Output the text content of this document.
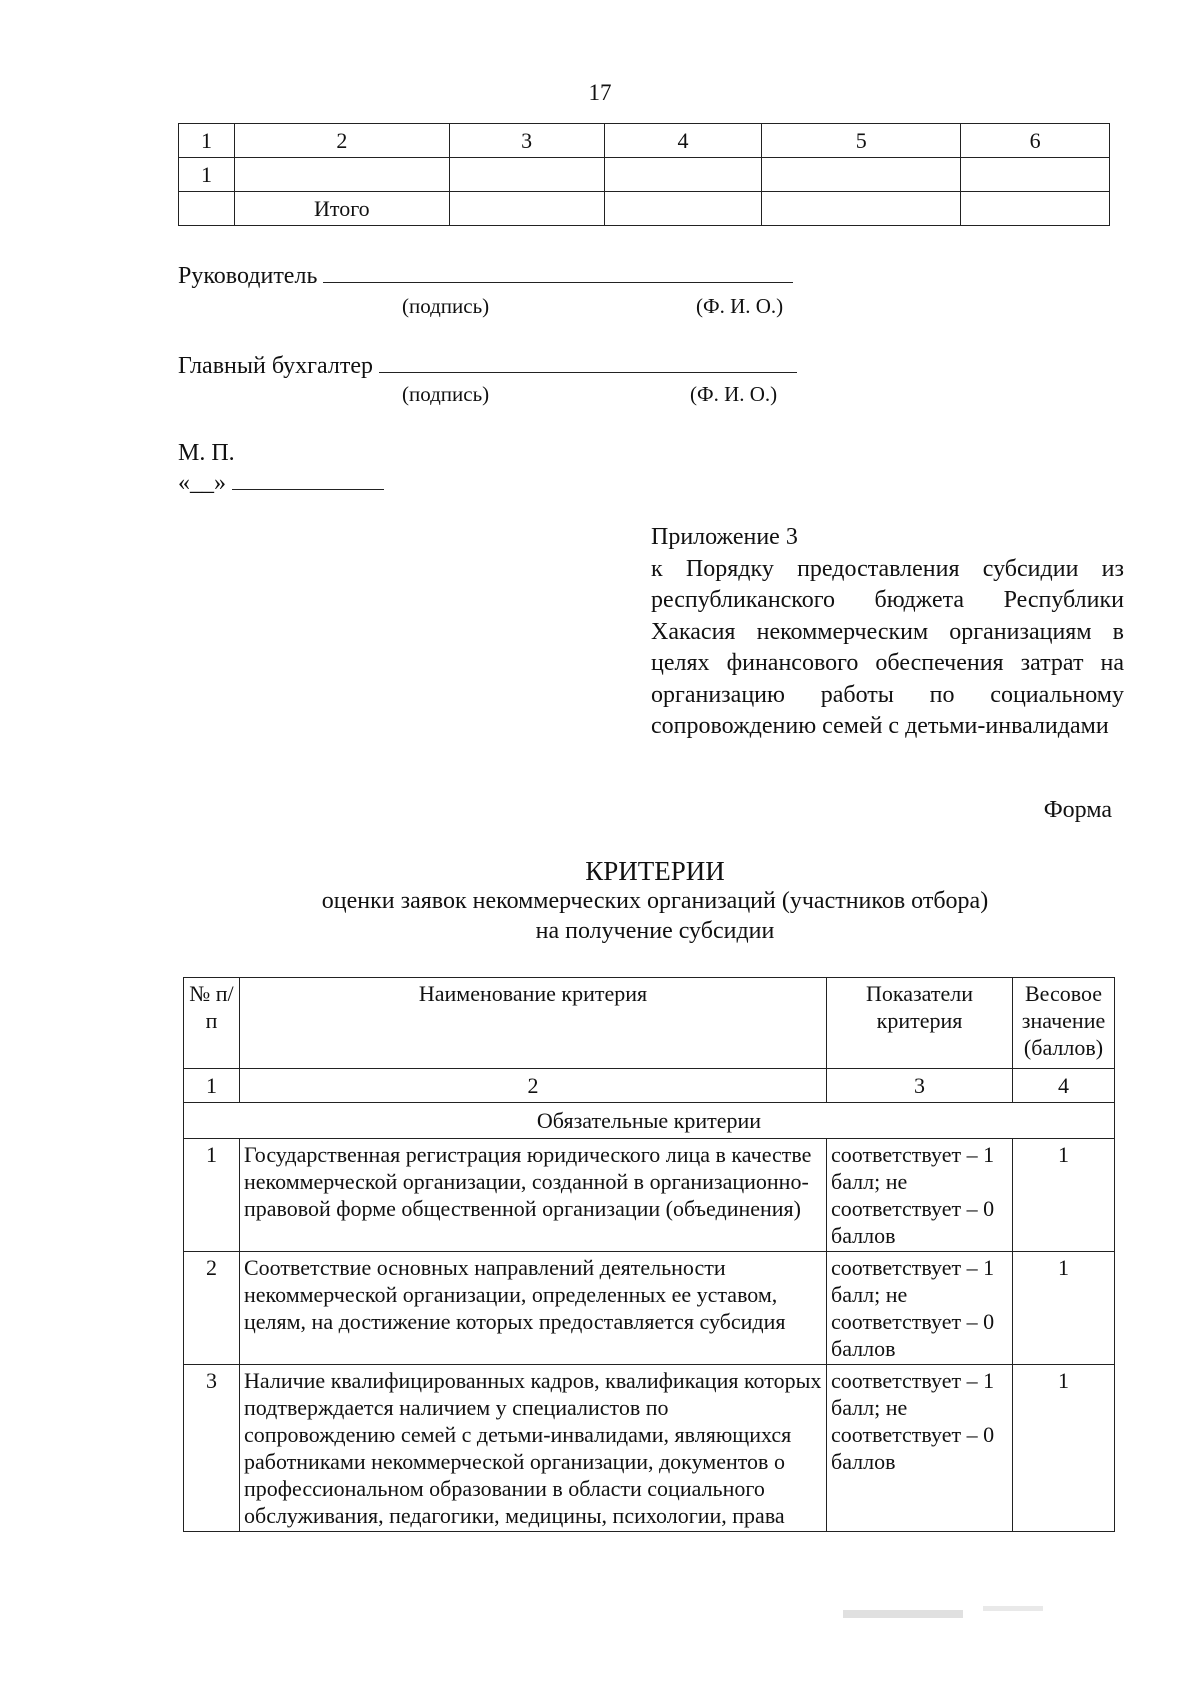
17
1	2	3	4	5	6
1					
	Итого				
Руководитель
(подпись)	(Ф. И. О.)
Главный бухгалтер
(подпись)	(Ф. И. О.)
М. П.
«__»
Приложение 3
к Порядку предоставления субсидии из республиканского бюджета Республики Хакасия некоммерческим организациям в целях финансового обеспечения затрат на организацию работы по социальному сопровождению семей с детьми-инвалидами
Форма
КРИТЕРИИ
оценки заявок некоммерческих организаций (участников отбора)
на получение субсидии
№ п/п	Наименование критерия	Показатели критерия	Весовое значение (баллов)
1	2	3	4
Обязательные критерии			
1	Государственная регистрация юридического лица в качестве некоммерческой организации, созданной в организационно-правовой форме общественной организации (объединения)	соответствует – 1 балл; не соответствует – 0 баллов	1
2	Соответствие основных направлений деятельности некоммерческой организации, определенных ее уставом, целям, на достижение которых предоставляется субсидия	соответствует – 1 балл; не соответствует – 0 баллов	1
3	Наличие квалифицированных кадров, квалификация которых подтверждается наличием у специалистов по сопровождению семей с детьми-инвалидами, являющихся работниками некоммерческой организации, документов о профессиональном образовании в области социального обслуживания, педагогики, медицины, психологии, права	соответствует – 1 балл; не соответствует – 0 баллов	1
